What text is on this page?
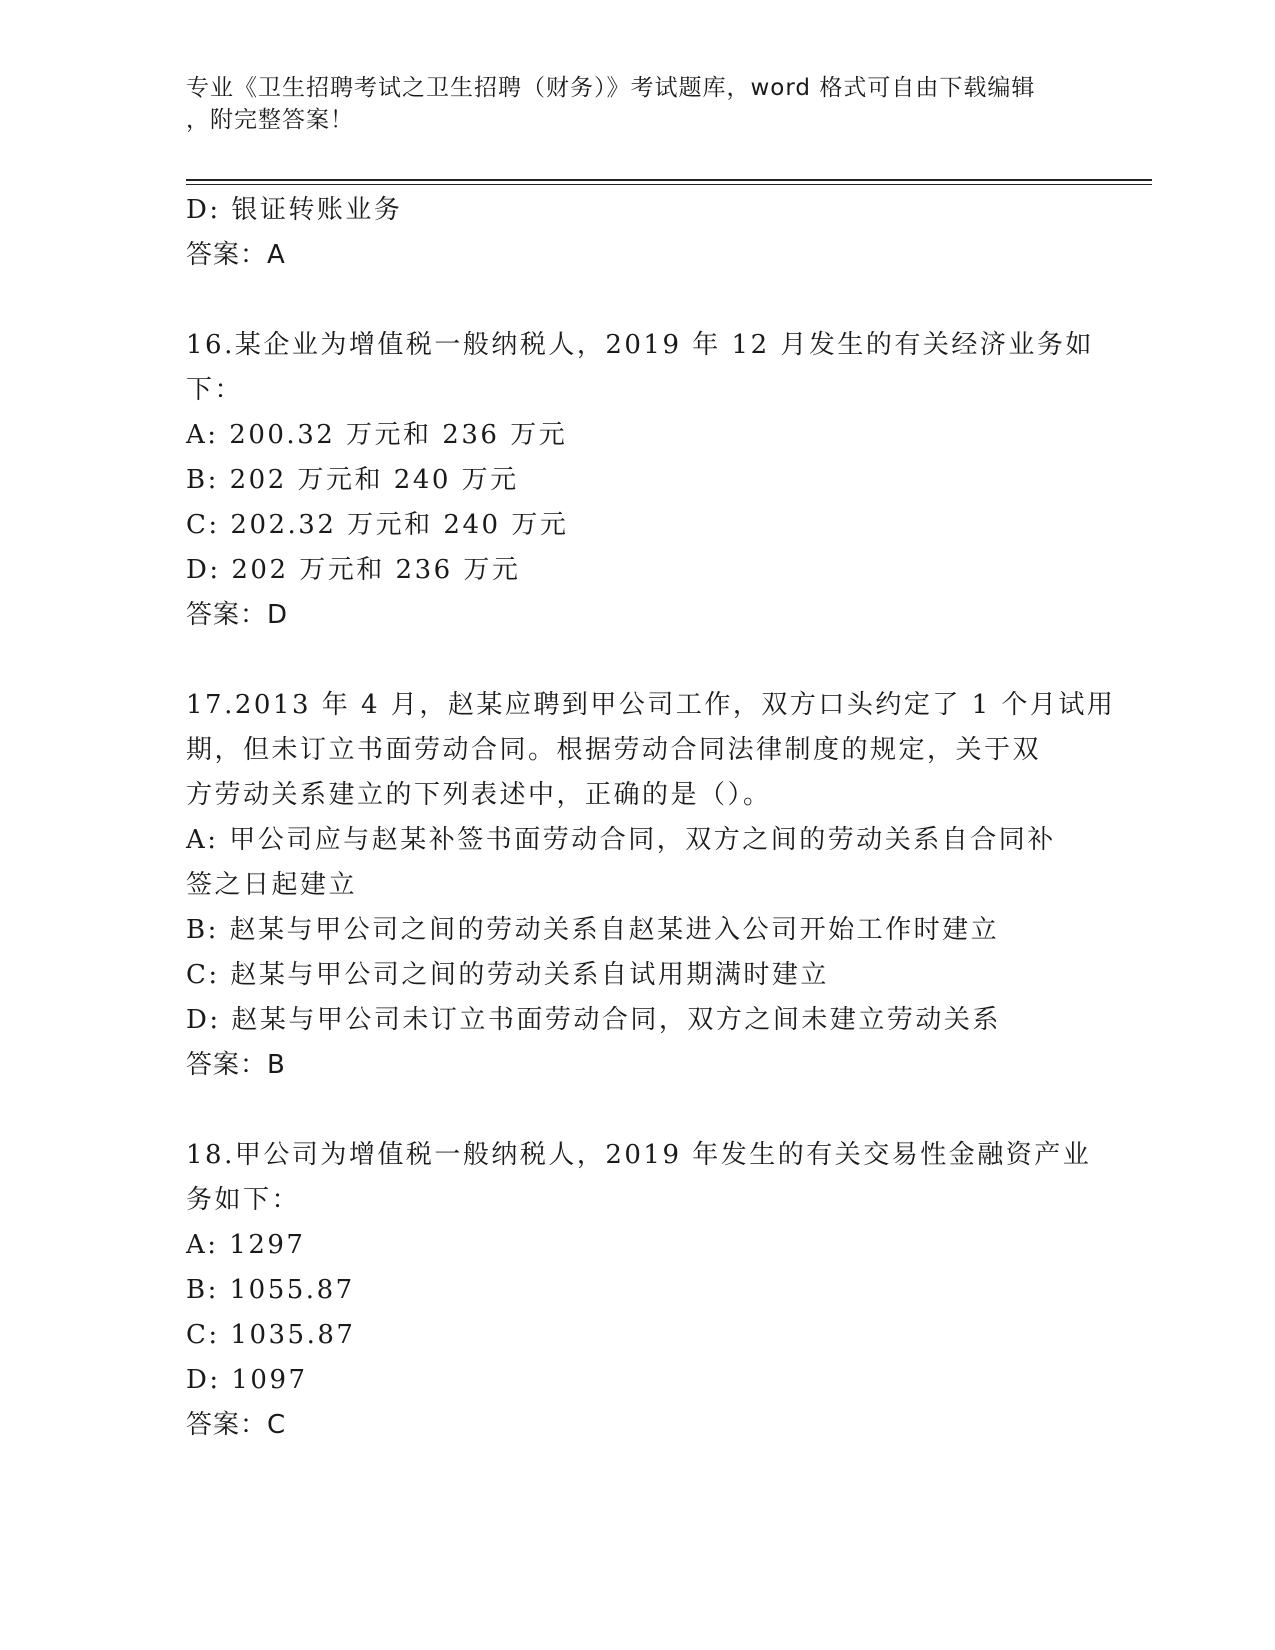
专业《卫生招聘考试之卫生招聘（财务）》考试题库，word 格式可自由下载编辑
，附完整答案！
D: 银证转账业务
答案：A
16.某企业为增值税一般纳税人，2019 年 12 月发生的有关经济业务如
下：
A: 200.32 万元和 236 万元
B: 202 万元和 240 万元
C: 202.32 万元和 240 万元
D: 202 万元和 236 万元
答案：D
17.2013 年 4 月，赵某应聘到甲公司工作，双方口头约定了 1 个月试用
期，但未订立书面劳动合同。根据劳动合同法律制度的规定，关于双
方劳动关系建立的下列表述中，正确的是（）。
A: 甲公司应与赵某补签书面劳动合同，双方之间的劳动关系自合同补
签之日起建立
B: 赵某与甲公司之间的劳动关系自赵某进入公司开始工作时建立
C: 赵某与甲公司之间的劳动关系自试用期满时建立
D: 赵某与甲公司未订立书面劳动合同，双方之间未建立劳动关系
答案：B
18.甲公司为增值税一般纳税人，2019 年发生的有关交易性金融资产业
务如下：
A: 1297
B: 1055.87
C: 1035.87
D: 1097
答案：C
